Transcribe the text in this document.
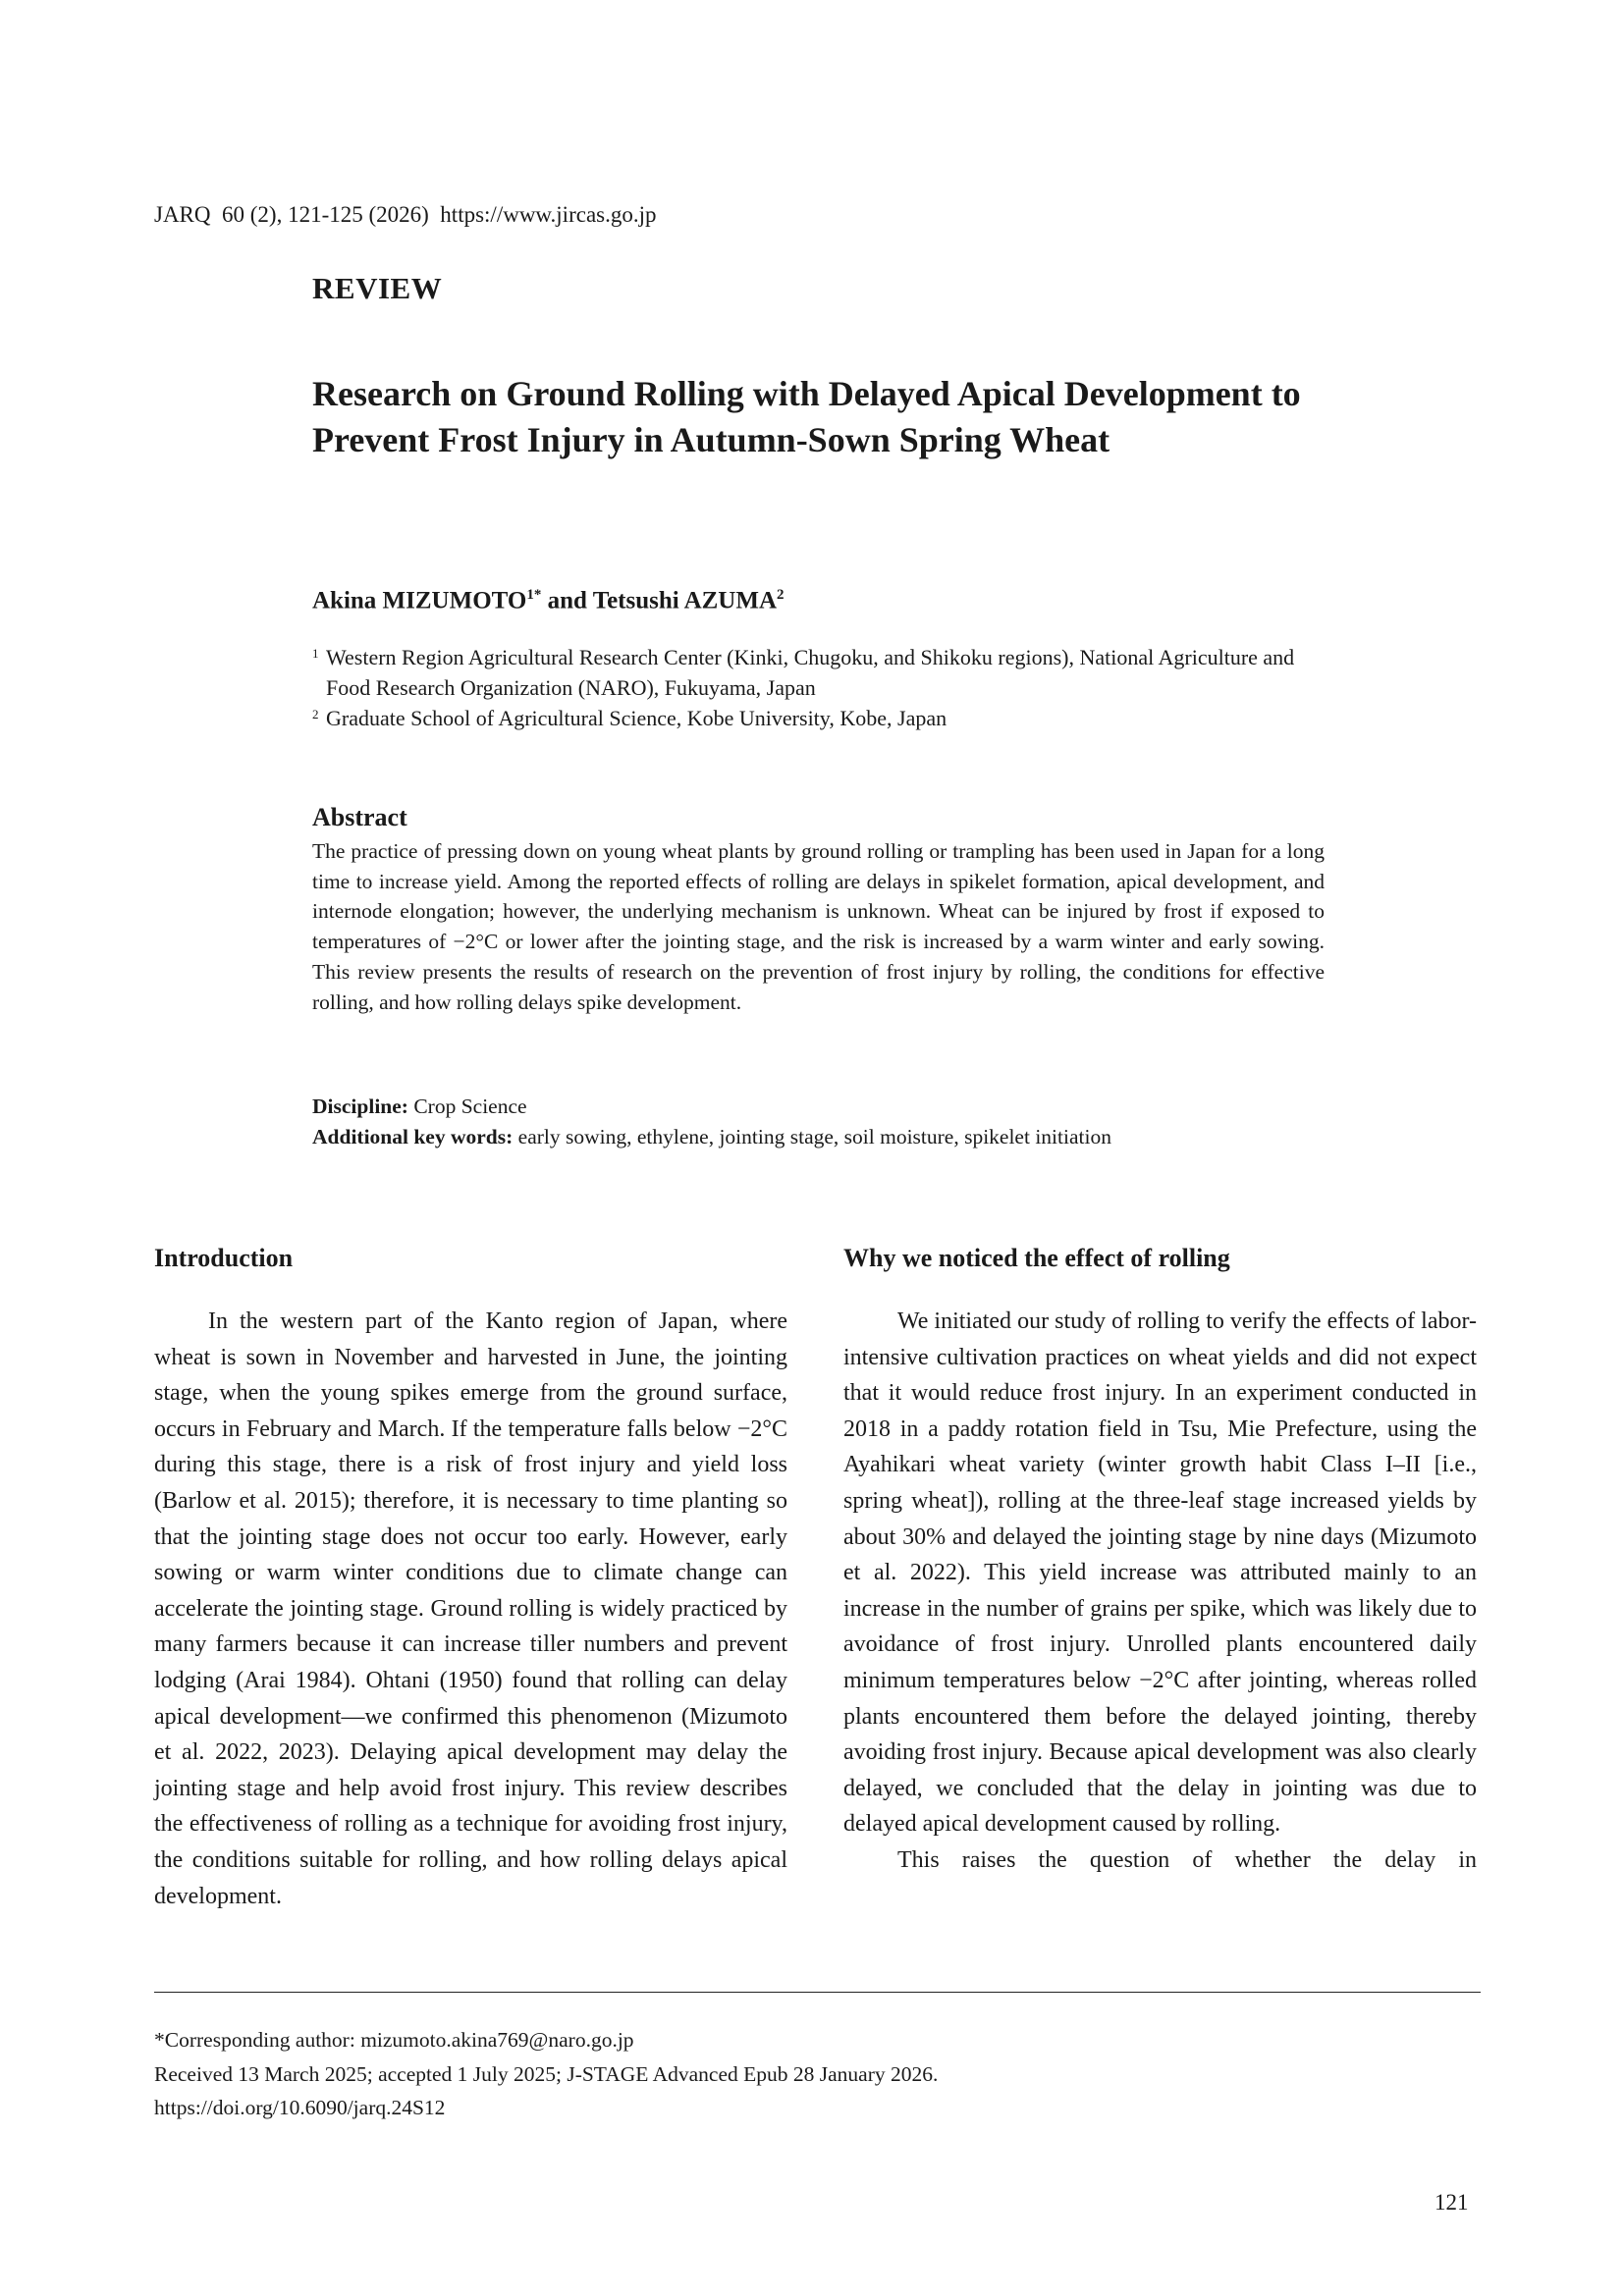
JARQ  60 (2), 121-125 (2026)  https://www.jircas.go.jp
REVIEW
Research on Ground Rolling with Delayed Apical Development to Prevent Frost Injury in Autumn-Sown Spring Wheat
Akina $MIZUMOTO^{1*}$ and Tetsushi AZUMA$^2$
1 Western Region Agricultural Research Center (Kinki, Chugoku, and Shikoku regions), National Agriculture and Food Research Organization (NARO), Fukuyama, Japan
2 Graduate School of Agricultural Science, Kobe University, Kobe, Japan
Abstract
The practice of pressing down on young wheat plants by ground rolling or trampling has been used in Japan for a long time to increase yield. Among the reported effects of rolling are delays in spikelet formation, apical development, and internode elongation; however, the underlying mechanism is unknown. Wheat can be injured by frost if exposed to temperatures of −2°C or lower after the jointing stage, and the risk is increased by a warm winter and early sowing. This review presents the results of research on the prevention of frost injury by rolling, the conditions for effective rolling, and how rolling delays spike development.
Discipline: Crop Science
Additional key words: early sowing, ethylene, jointing stage, soil moisture, spikelet initiation
Introduction

In the western part of the Kanto region of Japan, where wheat is sown in November and harvested in June, the jointing stage, when the young spikes emerge from the ground surface, occurs in February and March. If the temperature falls below −2°C during this stage, there is a risk of frost injury and yield loss (Barlow et al. 2015); therefore, it is necessary to time planting so that the jointing stage does not occur too early. However, early sowing or warm winter conditions due to climate change can accelerate the jointing stage. Ground rolling is widely practiced by many farmers because it can increase tiller numbers and prevent lodging (Arai 1984). Ohtani (1950) found that rolling can delay apical development—we confirmed this phenomenon (Mizumoto et al. 2022, 2023). Delaying apical development may delay the jointing stage and help avoid frost injury. This review describes the effectiveness of rolling as a technique for avoiding frost injury, the conditions suitable for rolling, and how rolling delays apical development.

Why we noticed the effect of rolling

We initiated our study of rolling to verify the effects of labor-intensive cultivation practices on wheat yields and did not expect that it would reduce frost injury. In an experiment conducted in 2018 in a paddy rotation field in Tsu, Mie Prefecture, using the Ayahikari wheat variety (winter growth habit Class I–II [i.e., spring wheat]), rolling at the three-leaf stage increased yields by about 30% and delayed the jointing stage by nine days (Mizumoto et al. 2022). This yield increase was attributed mainly to an increase in the number of grains per spike, which was likely due to avoidance of frost injury. Unrolled plants encountered daily minimum temperatures below −2°C after jointing, whereas rolled plants encountered them before the delayed jointing, thereby avoiding frost injury. Because apical development was also clearly delayed, we concluded that the delay in jointing was due to delayed apical development caused by rolling.

This raises the question of whether the delay in

*Corresponding author: mizumoto.akina769@naro.go.jp
Received 13 March 2025; accepted 1 July 2025; J-STAGE Advanced Epub 28 January 2026.
https://doi.org/10.6090/jarq.24S12
121
